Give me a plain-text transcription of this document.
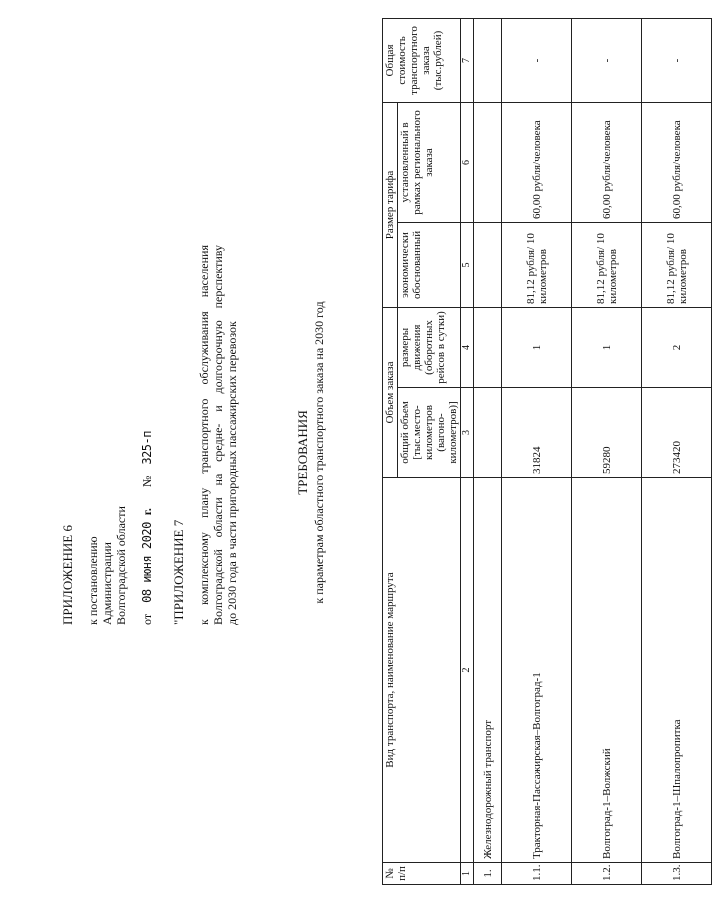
ПРИЛОЖЕНИЕ 6 к постановлению Администрации Волгоградской области от 08 июня 2020 г. № 325-п
"ПРИЛОЖЕНИЕ 7 к комплексному плану транспортного обслуживания населения Волгоградской области на средне- и долгосрочную перспективу до 2030 года в части пригородных пассажирских перевозок	ТРЕБОВАНИЯ к параметрам областного транспортного заказа на 2030 год
№ п/п	Вид транспорта, наименование маршрута	Объем заказа		Размер тарифа		Общая стоимость транспортного заказа (тыс.рублей)
		общий объем [тыс.место-километров (вагоно-километров)]	размеры движения (оборотных рейсов в сутки)	экономически обоснованный	установленный в рамках регионального заказа	
1	2	3	4	5	6	7
1.	Железнодорожный транспорт					
1.1.	Тракторная-Пассажирская–Волгоград-1	31824	1	81,12 рубля/ 10 километров	60,00 рубля/человека	-
1.2.	Волгоград-1–Волжский	59280	1	81,12 рубля/ 10 километров	60,00 рубля/человека	-
1.3.	Волгоград-1–Шпалопропитка	273420	2	81,12 рубля/ 10 километров	60,00 рубля/человека	-
